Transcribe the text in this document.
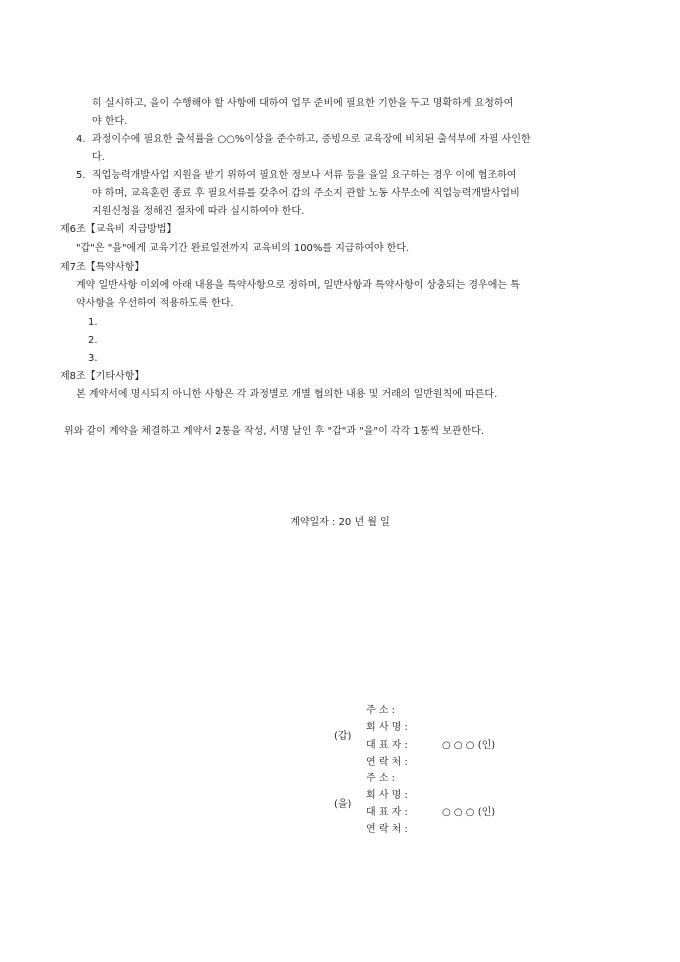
히 실시하고, 을이 수행해야 할 사항에 대하여 업무 준비에 필요한 기한을 두고 명확하게 요청하여
야 한다.
4. 과정이수에 필요한 출석률을 ○○%이상을 준수하고, 증빙으로 교육장에 비치된 출석부에 자필 사인한
다.
5. 직업능력개발사업 지원을 받기 위하여 필요한 정보나 서류 등을 을일 요구하는 경우 이에 협조하여
야 하며, 교육훈련 종료 후 필요서류를 갖추어 갑의 주소지 관할 노동 사무소에 직업능력개발사업비
지원신청을 정해진 절차에 따라 실시하여야 한다.
제6조【교육비 지급방법】
"갑"은 "을"에게 교육기간 완료일전까지 교육비의 100%를 지급하여야 한다.
제7조【특약사항】
계약 일반사항 이외에 아래 내용을 특약사항으로 정하며, 일반사항과 특약사항이 상충되는 경우에는 특
약사항을 우선하여 적용하도록 한다.
1.
2.
3.
제8조【기타사항】
본 계약서에 명시되지 아니한 사항은 각 과정별로 개별 협의한 내용 및 거래의 일반원칙에 따른다.
위와 같이 계약을 체결하고 계약서 2통을 작성, 서명 날인 후 "갑"과 "을"이 각각 1통씩 보관한다.
계약일자 : 20 년 월 일
(갑)
주 소 :
회 사 명 :
대 표 자 :	○ ○ ○ (인)
연 락 처 :
(을)
주 소 :
회 사 명 :
대 표 자 :	○ ○ ○ (인)
연 락 처 :
